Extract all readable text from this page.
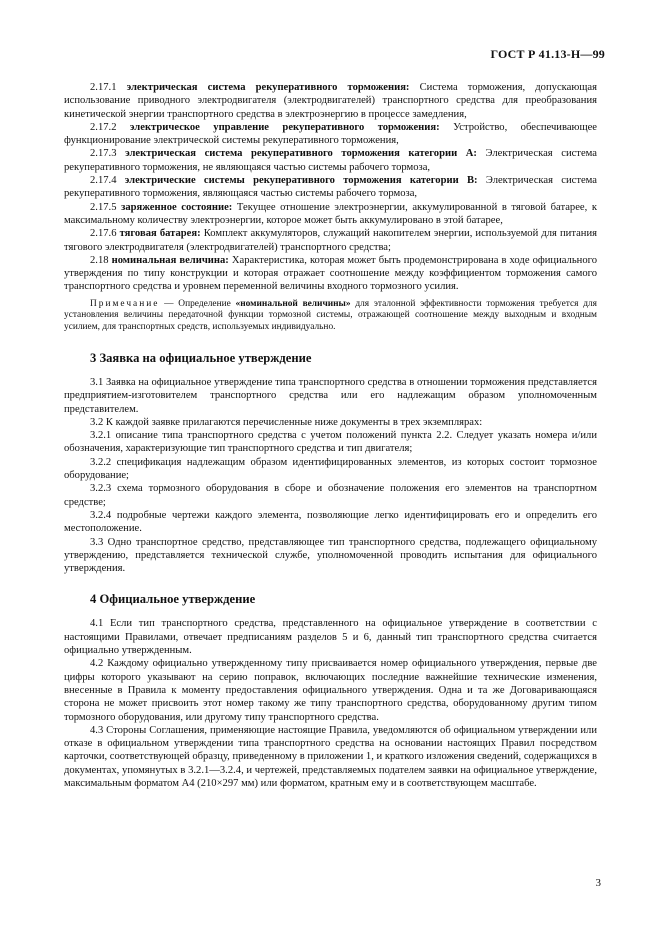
ГОСТ Р 41.13-Н—99

2.17.1 электрическая система рекуперативного торможения: Система торможения, допускающая использование приводного электродвигателя (электродвигателей) транспортного средства для преобразования кинетической энергии транспортного средства в электроэнергию в процессе замедления,

2.17.2 электрическое управление рекуперативного торможения: Устройство, обеспечивающее функционирование электрической системы рекуперативного торможения,

2.17.3 электрическая система рекуперативного торможения категории А: Электрическая система рекуперативного торможения, не являющаяся частью системы рабочего тормоза,

2.17.4 электрические системы рекуперативного торможения категории В: Электрическая система рекуперативного торможения, являющаяся частью системы рабочего тормоза,

2.17.5 заряженное состояние: Текущее отношение электроэнергии, аккумулированной в тяговой батарее, к максимальному количеству электроэнергии, которое может быть аккумулировано в этой батарее,

2.17.6 тяговая батарея: Комплект аккумуляторов, служащий накопителем энергии, используемой для питания тягового электродвигателя (электродвигателей) транспортного средства;

2.18 номинальная величина: Характеристика, которая может быть продемонстрирована в ходе официального утверждения по типу конструкции и которая отражает соотношение между коэффициентом торможения самого транспортного средства и уровнем переменной величины входного тормозного усилия.

Примечание — Определение «номинальной величины» для эталонной эффективности торможения требуется для установления величины передаточной функции тормозной системы, отражающей соотношение между выходным и входным усилием, для транспортных средств, используемых индивидуально.

3 Заявка на официальное утверждение

3.1 Заявка на официальное утверждение типа транспортного средства в отношении торможения представляется предприятием-изготовителем транспортного средства или его надлежащим образом уполномоченным представителем.

3.2 К каждой заявке прилагаются перечисленные ниже документы в трех экземплярах:

3.2.1 описание типа транспортного средства с учетом положений пункта 2.2. Следует указать номера и/или обозначения, характеризующие тип транспортного средства и тип двигателя;

3.2.2 спецификация надлежащим образом идентифицированных элементов, из которых состоит тормозное оборудование;

3.2.3 схема тормозного оборудования в сборе и обозначение положения его элементов на транспортном средстве;

3.2.4 подробные чертежи каждого элемента, позволяющие легко идентифицировать его и определить его местоположение.

3.3 Одно транспортное средство, представляющее тип транспортного средства, подлежащего официальному утверждению, представляется технической службе, уполномоченной проводить испытания для официального утверждения.

4 Официальное утверждение

4.1 Если тип транспортного средства, представленного на официальное утверждение в соответствии с настоящими Правилами, отвечает предписаниям разделов 5 и 6, данный тип транспортного средства считается официально утвержденным.

4.2 Каждому официально утвержденному типу присваивается номер официального утверждения, первые две цифры которого указывают на серию поправок, включающих последние важнейшие технические изменения, внесенные в Правила к моменту предоставления официального утверждения. Одна и та же Договаривающаяся сторона не может присвоить этот номер такому же типу транспортного средства, оборудованному другим типом тормозного оборудования, или другому типу транспортного средства.

4.3 Стороны Соглашения, применяющие настоящие Правила, уведомляются об официальном утверждении или отказе в официальном утверждении типа транспортного средства на основании настоящих Правил посредством карточки, соответствующей образцу, приведенному в приложении 1, и краткого изложения сведений, содержащихся в документах, упомянутых в 3.2.1—3.2.4, и чертежей, представляемых подателем заявки на официальное утверждение, максимальным форматом А4 (210×297 мм) или форматом, кратным ему и в соответствующем масштабе.

3
